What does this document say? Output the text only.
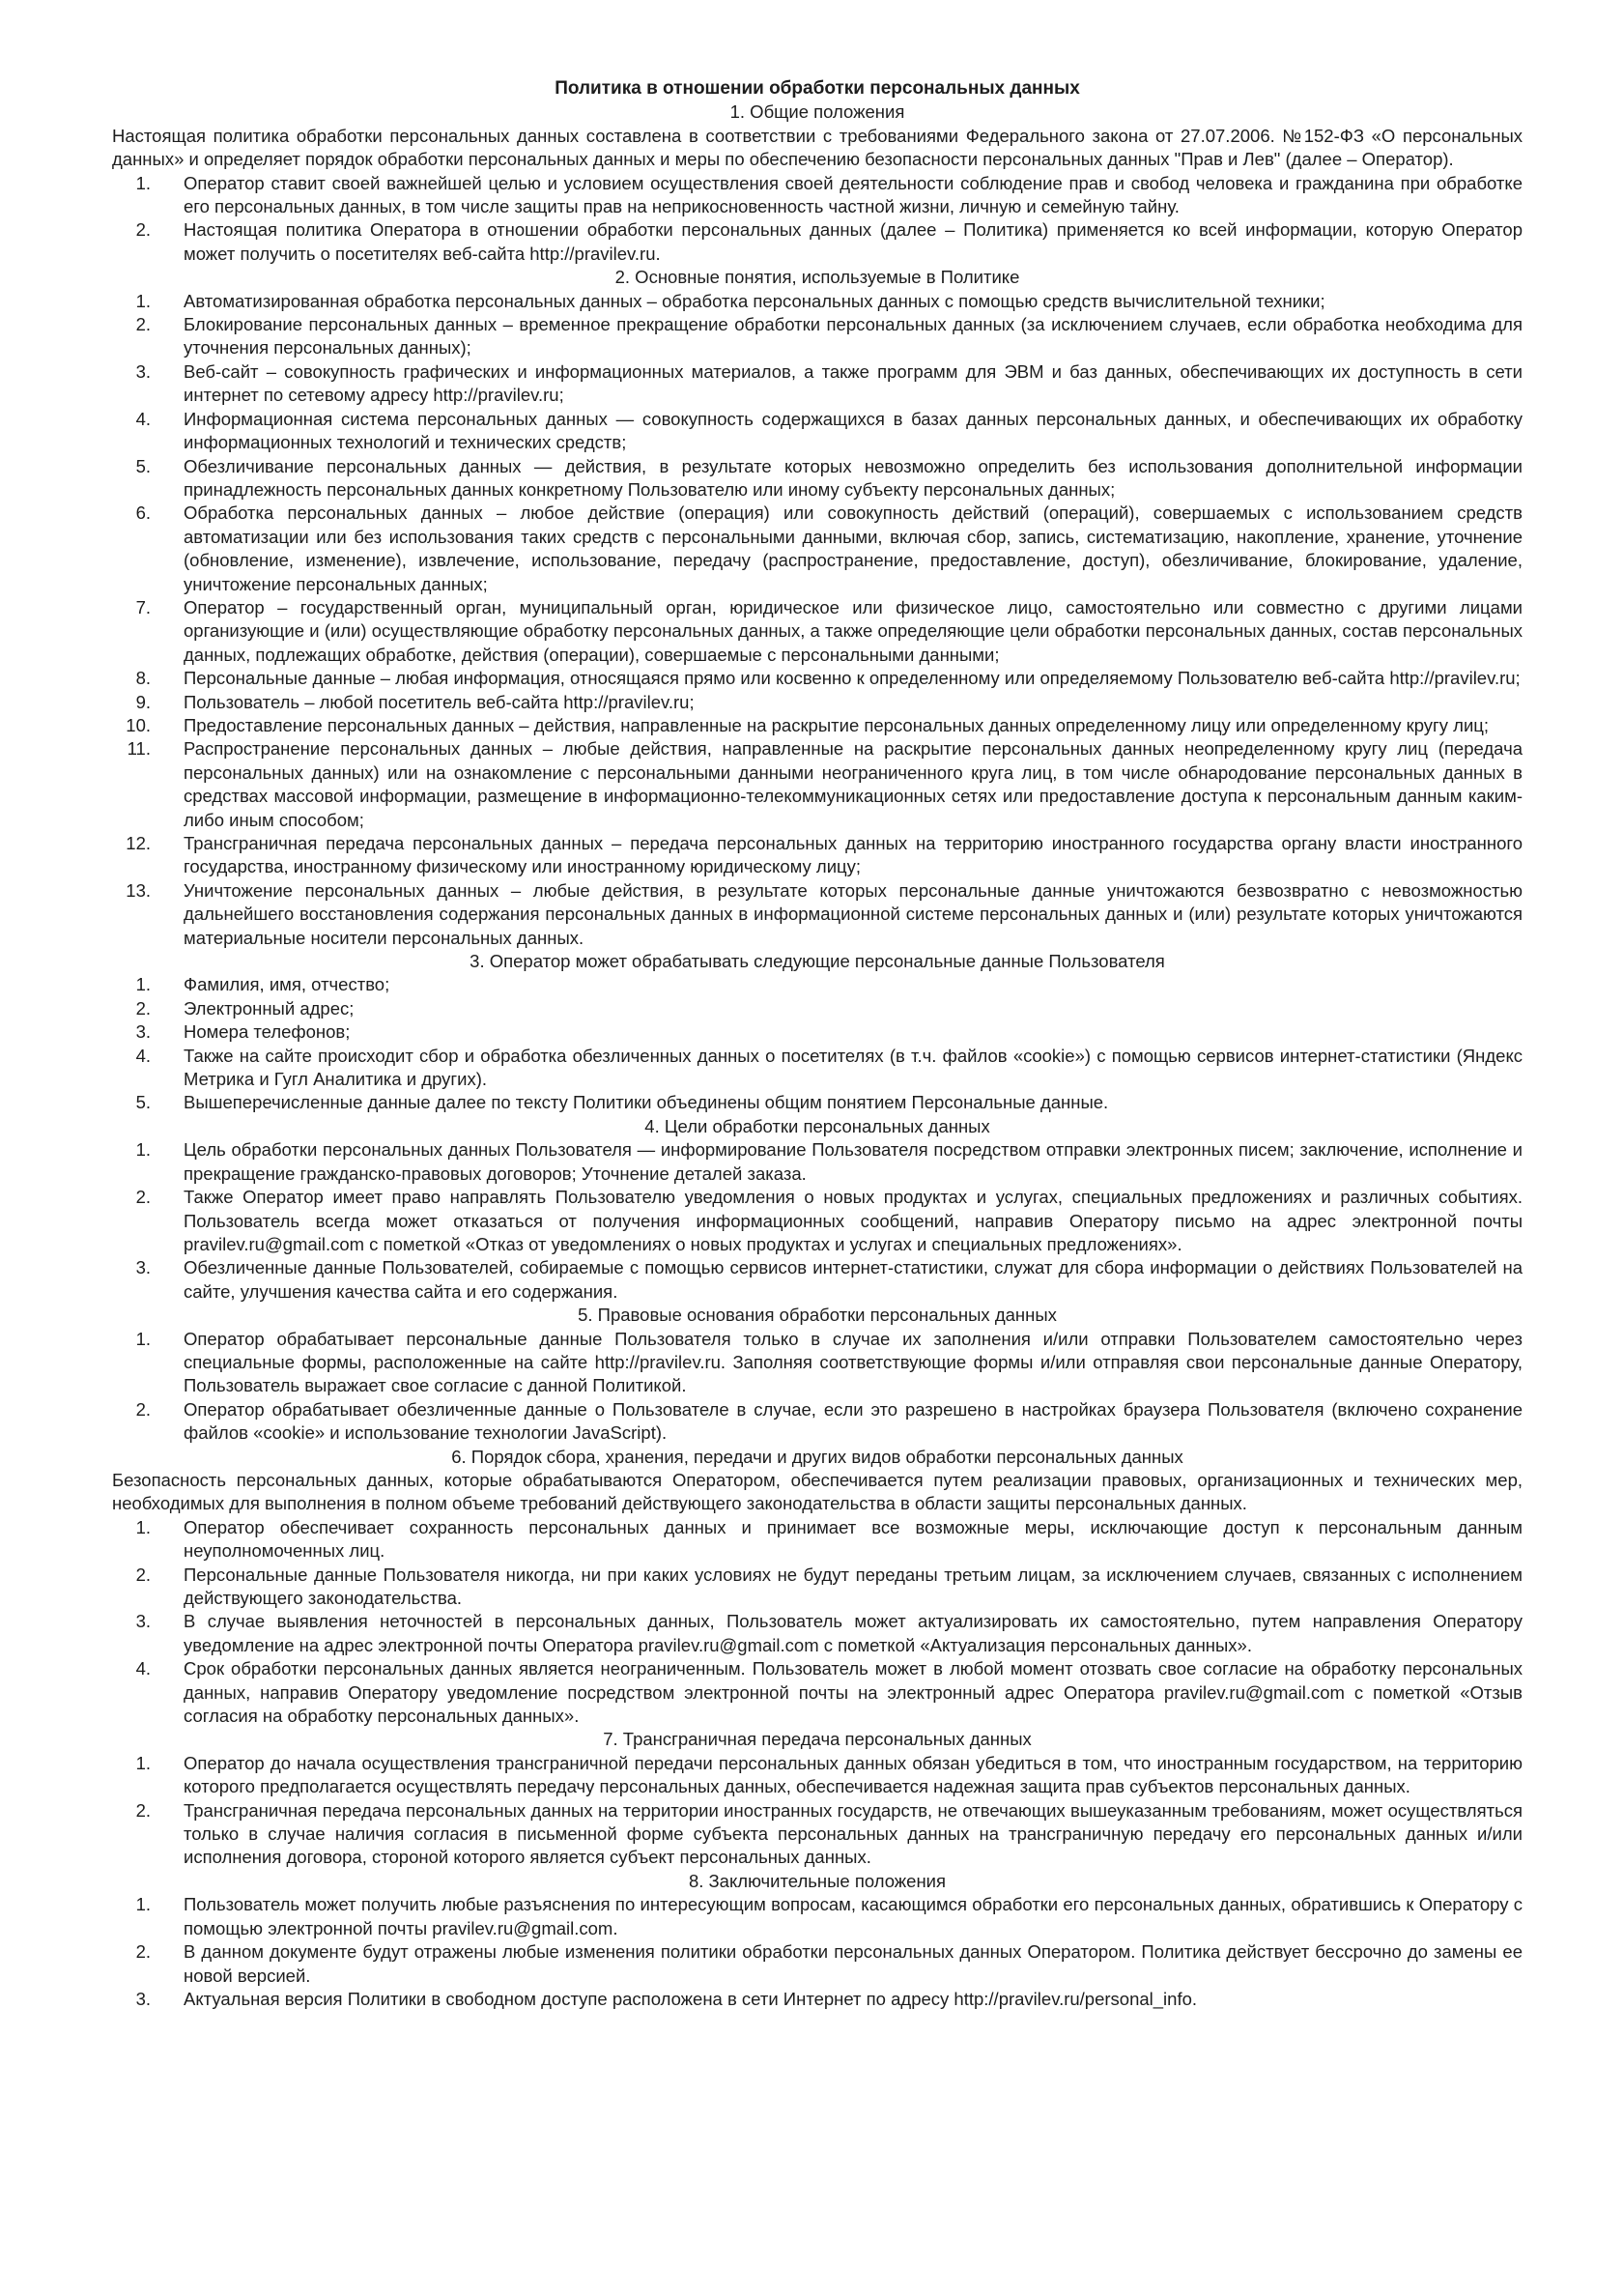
Политика в отношении обработки персональных данных

1. Общие положения

Настоящая политика обработки персональных данных составлена в соответствии с требованиями Федерального закона от 27.07.2006. №152-ФЗ «О персональных данных» и определяет порядок обработки персональных данных и меры по обеспечению безопасности персональных данных "Прав и Лев" (далее – Оператор).

1. Оператор ставит своей важнейшей целью и условием осуществления своей деятельности соблюдение прав и свобод человека и гражданина при обработке его персональных данных, в том числе защиты прав на неприкосновенность частной жизни, личную и семейную тайну.
2. Настоящая политика Оператора в отношении обработки персональных данных (далее – Политика) применяется ко всей информации, которую Оператор может получить о посетителях веб-сайта http://pravilev.ru.

2. Основные понятия, используемые в Политике

1. Автоматизированная обработка персональных данных – обработка персональных данных с помощью средств вычислительной техники;
2. Блокирование персональных данных – временное прекращение обработки персональных данных (за исключением случаев, если обработка необходима для уточнения персональных данных);
3. Веб-сайт – совокупность графических и информационных материалов, а также программ для ЭВМ и баз данных, обеспечивающих их доступность в сети интернет по сетевому адресу http://pravilev.ru;
4. Информационная система персональных данных — совокупность содержащихся в базах данных персональных данных, и обеспечивающих их обработку информационных технологий и технических средств;
5. Обезличивание персональных данных — действия, в результате которых невозможно определить без использования дополнительной информации принадлежность персональных данных конкретному Пользователю или иному субъекту персональных данных;
6. Обработка персональных данных – любое действие (операция) или совокупность действий (операций), совершаемых с использованием средств автоматизации или без использования таких средств с персональными данными, включая сбор, запись, систематизацию, накопление, хранение, уточнение (обновление, изменение), извлечение, использование, передачу (распространение, предоставление, доступ), обезличивание, блокирование, удаление, уничтожение персональных данных;
7. Оператор – государственный орган, муниципальный орган, юридическое или физическое лицо, самостоятельно или совместно с другими лицами организующие и (или) осуществляющие обработку персональных данных, а также определяющие цели обработки персональных данных, состав персональных данных, подлежащих обработке, действия (операции), совершаемые с персональными данными;
8. Персональные данные – любая информация, относящаяся прямо или косвенно к определенному или определяемому Пользователю веб-сайта http://pravilev.ru;
9. Пользователь – любой посетитель веб-сайта http://pravilev.ru;
10. Предоставление персональных данных – действия, направленные на раскрытие персональных данных определенному лицу или определенному кругу лиц;
11. Распространение персональных данных – любые действия, направленные на раскрытие персональных данных неопределенному кругу лиц (передача персональных данных) или на ознакомление с персональными данными неограниченного круга лиц, в том числе обнародование персональных данных в средствах массовой информации, размещение в информационно-телекоммуникационных сетях или предоставление доступа к персональным данным каким-либо иным способом;
12. Трансграничная передача персональных данных – передача персональных данных на территорию иностранного государства органу власти иностранного государства, иностранному физическому или иностранному юридическому лицу;
13. Уничтожение персональных данных – любые действия, в результате которых персональные данные уничтожаются безвозвратно с невозможностью дальнейшего восстановления содержания персональных данных в информационной системе персональных данных и (или) результате которых уничтожаются материальные носители персональных данных.

3. Оператор может обрабатывать следующие персональные данные Пользователя

1. Фамилия, имя, отчество;
2. Электронный адрес;
3. Номера телефонов;
4. Также на сайте происходит сбор и обработка обезличенных данных о посетителях (в т.ч. файлов «cookie») с помощью сервисов интернет-статистики (Яндекс Метрика и Гугл Аналитика и других).
5. Вышеперечисленные данные далее по тексту Политики объединены общим понятием Персональные данные.

4. Цели обработки персональных данных

1. Цель обработки персональных данных Пользователя — информирование Пользователя посредством отправки электронных писем; заключение, исполнение и прекращение гражданско-правовых договоров; Уточнение деталей заказа.
2. Также Оператор имеет право направлять Пользователю уведомления о новых продуктах и услугах, специальных предложениях и различных событиях. Пользователь всегда может отказаться от получения информационных сообщений, направив Оператору письмо на адрес электронной почты pravilev.ru@gmail.com с пометкой «Отказ от уведомлениях о новых продуктах и услугах и специальных предложениях».
3. Обезличенные данные Пользователей, собираемые с помощью сервисов интернет-статистики, служат для сбора информации о действиях Пользователей на сайте, улучшения качества сайта и его содержания.

5. Правовые основания обработки персональных данных

1. Оператор обрабатывает персональные данные Пользователя только в случае их заполнения и/или отправки Пользователем самостоятельно через специальные формы, расположенные на сайте http://pravilev.ru. Заполняя соответствующие формы и/или отправляя свои персональные данные Оператору, Пользователь выражает свое согласие с данной Политикой.
2. Оператор обрабатывает обезличенные данные о Пользователе в случае, если это разрешено в настройках браузера Пользователя (включено сохранение файлов «cookie» и использование технологии JavaScript).

6. Порядок сбора, хранения, передачи и других видов обработки персональных данных

Безопасность персональных данных, которые обрабатываются Оператором, обеспечивается путем реализации правовых, организационных и технических мер, необходимых для выполнения в полном объеме требований действующего законодательства в области защиты персональных данных.

1. Оператор обеспечивает сохранность персональных данных и принимает все возможные меры, исключающие доступ к персональным данным неуполномоченных лиц.
2. Персональные данные Пользователя никогда, ни при каких условиях не будут переданы третьим лицам, за исключением случаев, связанных с исполнением действующего законодательства.
3. В случае выявления неточностей в персональных данных, Пользователь может актуализировать их самостоятельно, путем направления Оператору уведомление на адрес электронной почты Оператора pravilev.ru@gmail.com с пометкой «Актуализация персональных данных».
4. Срок обработки персональных данных является неограниченным. Пользователь может в любой момент отозвать свое согласие на обработку персональных данных, направив Оператору уведомление посредством электронной почты на электронный адрес Оператора pravilev.ru@gmail.com с пометкой «Отзыв согласия на обработку персональных данных».

7. Трансграничная передача персональных данных

1. Оператор до начала осуществления трансграничной передачи персональных данных обязан убедиться в том, что иностранным государством, на территорию которого предполагается осуществлять передачу персональных данных, обеспечивается надежная защита прав субъектов персональных данных.
2. Трансграничная передача персональных данных на территории иностранных государств, не отвечающих вышеуказанным требованиям, может осуществляться только в случае наличия согласия в письменной форме субъекта персональных данных на трансграничную передачу его персональных данных и/или исполнения договора, стороной которого является субъект персональных данных.

8. Заключительные положения

1. Пользователь может получить любые разъяснения по интересующим вопросам, касающимся обработки его персональных данных, обратившись к Оператору с помощью электронной почты pravilev.ru@gmail.com.
2. В данном документе будут отражены любые изменения политики обработки персональных данных Оператором. Политика действует бессрочно до замены ее новой версией.
3. Актуальная версия Политики в свободном доступе расположена в сети Интернет по адресу http://pravilev.ru/personal_info.
